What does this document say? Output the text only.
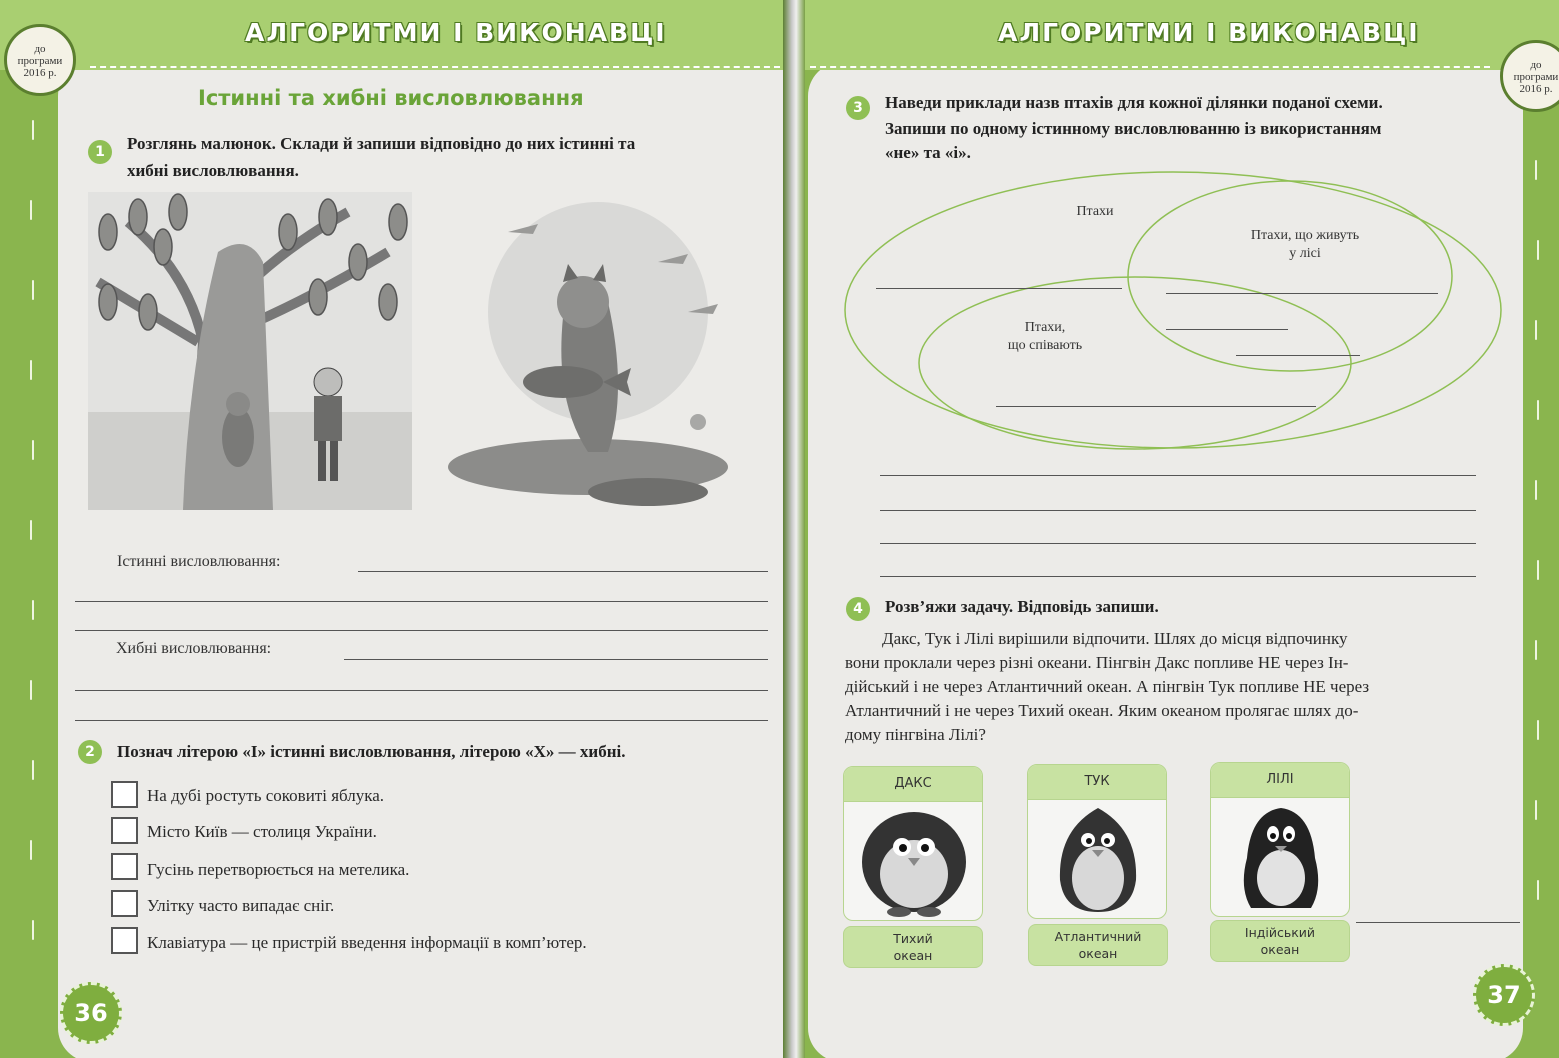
АЛГОРИТМИ І ВИКОНАВЦІ
до
програми
2016 р.
Істинні та хибні висловлювання
1	Розглянь малюнок. Склади й запиши відповідно до них істинні та
хибні висловлювання.
Істинні висловлювання:
Хибні висловлювання:
2	Познач літерою «І» істинні висловлювання, літерою «Х» — хибні.
На дубі ростуть соковиті яблука.
Місто Київ — столиця України.
Гусінь перетворюється на метелика.
Улітку часто випадає сніг.
Клавіатура — це пристрій введення інформації в комп’ютер.
36
АЛГОРИТМИ І ВИКОНАВЦІ
до
програми
2016 р.
3	Наведи приклади назв птахів для кожної ділянки поданої схеми.
Запиши по одному істинному висловлюванню із використанням
«не» та «і».
Птахи
Птахи, що живуть
у лісі
Птахи,
що співають
4	Розв’яжи задачу. Відповідь запиши.
Дакс, Тук і Лілі вирішили відпочити. Шлях до місця відпочинку
вони проклали через різні океани. Пінгвін Дакс попливе НЕ через Ін-
дійський і не через Атлантичний океан. А пінгвін Тук попливе НЕ через
Атлантичний і не через Тихий океан. Яким океаном пролягає шлях до-
дому пінгвіна Лілі?
ДАКС	ТУК	ЛІЛІ
Тихий
океан
Атлантичний
океан
Індійський
океан
37
